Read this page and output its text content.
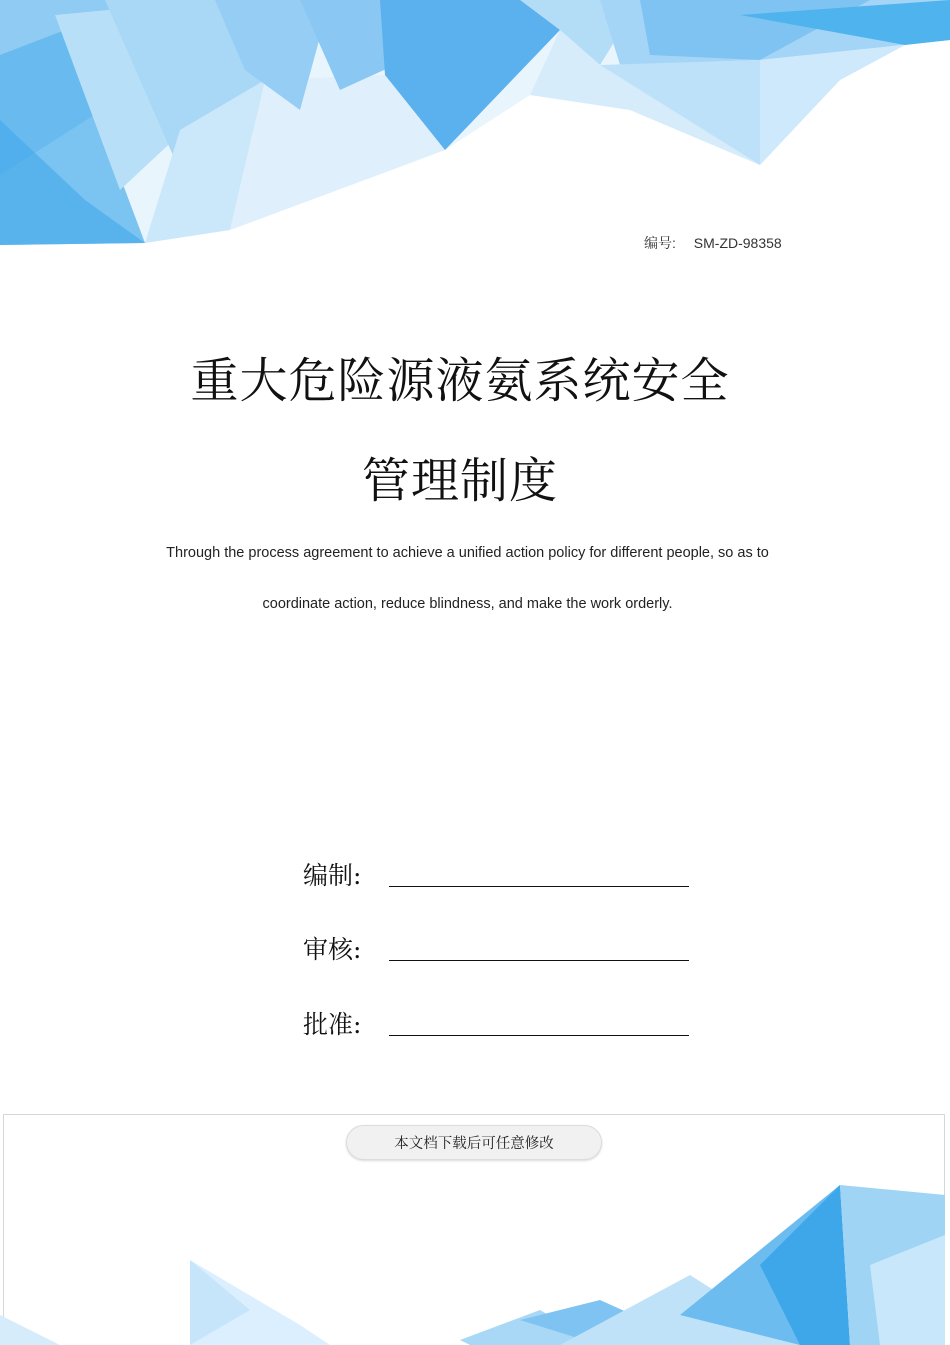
编号: SM-ZD-98358
重大危险源液氨系统安全
管理制度
Through the process agreement to achieve a unified action policy for different people, so as to
coordinate action, reduce blindness, and make the work orderly.
编制:
审核:
批准:
本文档下载后可任意修改
